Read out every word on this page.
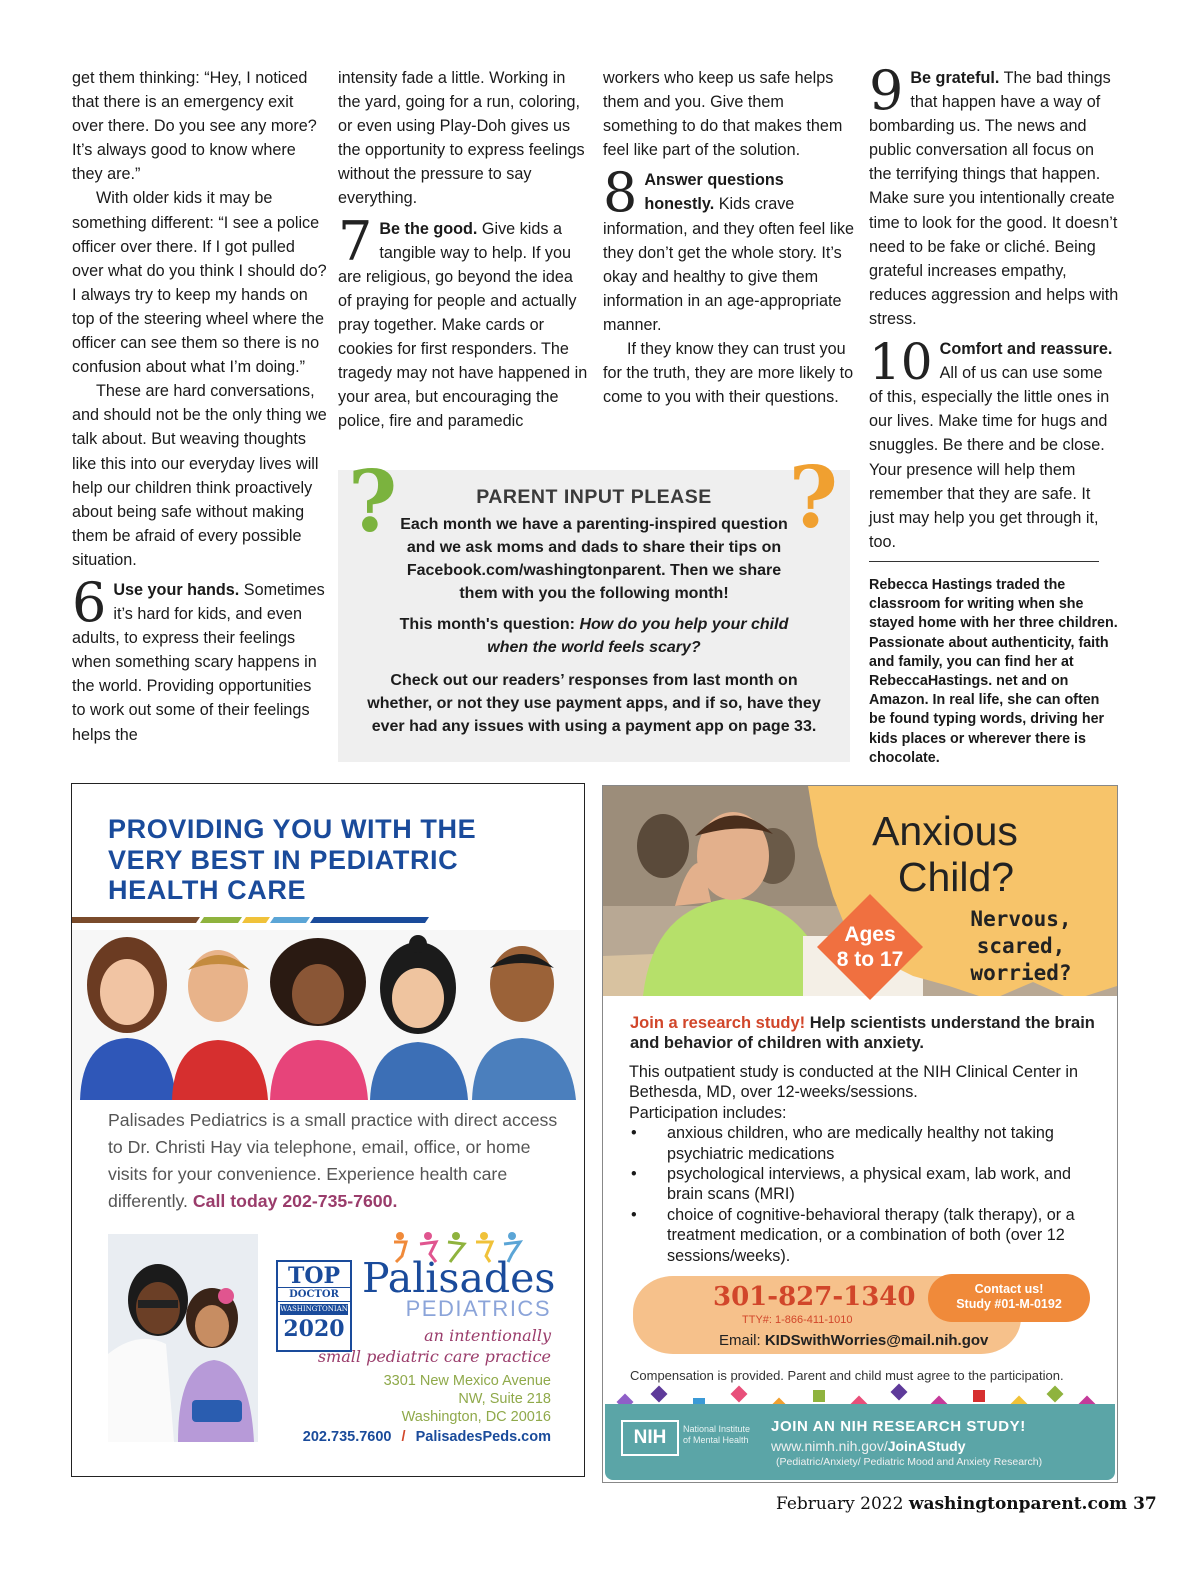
get them thinking: “Hey, I noticed that there is an emergency exit over there. Do you see any more? It’s always good to know where they are.”

With older kids it may be something different: “I see a police officer over there. If I got pulled over what do you think I should do? I always try to keep my hands on top of the steering wheel where the officer can see them so there is no confusion about what I’m doing.”

These are hard conversations, and should not be the only thing we talk about. But weaving thoughts like this into our everyday lives will help our children think proactively about being safe without making them be afraid of every possible situation.

6 Use your hands. Sometimes it’s hard for kids, and even adults, to express their feelings when something scary happens in the world. Providing opportunities to work out some of their feelings helps the

intensity fade a little. Working in the yard, going for a run, coloring, or even using Play-Doh gives us the opportunity to express feelings without the pressure to say everything.

7 Be the good. Give kids a tangible way to help. If you are religious, go beyond the idea of praying for people and actually pray together. Make cards or cookies for first responders. The tragedy may not have happened in your area, but encouraging the police, fire and paramedic

workers who keep us safe helps them and you. Give them something to do that makes them feel like part of the solution.

8 Answer questions honestly. Kids crave information, and they often feel like they don’t get the whole story. It’s okay and healthy to give them information in an age-appropriate manner.

If they know they can trust you for the truth, they are more likely to come to you with their questions.

9 Be grateful. The bad things that happen have a way of bombarding us. The news and public conversation all focus on the terrifying things that happen. Make sure you intentionally create time to look for the good. It doesn’t need to be fake or cliché. Being grateful increases empathy, reduces aggression and helps with stress.

10 Comfort and reassure. All of us can use some of this, especially the little ones in our lives. Make time for hugs and snuggles. Be there and be close. Your presence will help them remember that they are safe. It just may help you get through it, too.

Rebecca Hastings traded the classroom for writing when she stayed home with her three children. Passionate about authenticity, faith and family, you can find her at RebeccaHastings. net and on Amazon. In real life, she can often be found typing words, driving her kids places or wherever there is chocolate.
?	?
PARENT INPUT PLEASE

Each month we have a parenting-inspired question and we ask moms and dads to share their tips on Facebook.com/washingtonparent. Then we share them with you the following month!

This month's question: How do you help your child when the world feels scary?

Check out our readers’ responses from last month on whether, or not they use payment apps, and if so, have they ever had any issues with using a payment app on page 33.

PROVIDING YOU WITH THE VERY BEST IN PEDIATRIC HEALTH CARE
Palisades Pediatrics is a small practice with direct access to Dr. Christi Hay via telephone, email, office, or home visits for your convenience. Experience health care differently. Call today 202-735-7600.
TOP
DOCTOR
WASHINGTONIAN
2020
Palisades
PEDIATRICS
an intentionally
small pediatric care practice
3301 New Mexico Avenue
NW, Suite 218
Washington, DC 20016
202.735.7600 / PalisadesPeds.com
Anxious
Child?
Nervous, scared,
worried?
Ages
8 to 17
Join a research study! Help scientists understand the brain and behavior of children with anxiety.
This outpatient study is conducted at the NIH Clinical Center in Bethesda, MD, over 12-weeks/sessions.
Participation includes:
• anxious children, who are medically healthy not taking psychiatric medications
• psychological interviews, a physical exam, lab work, and brain scans (MRI)
• choice of cognitive-behavioral therapy (talk therapy), or a treatment medication, or a combination of both (over 12 sessions/weeks).
301-827-1340
TTY#: 1-866-411-1010
Email: KIDSwithWorries@mail.nih.gov
Contact us!
Study #01-M-0192
Compensation is provided. Parent and child must agree to the participation.
NIH	National Institute
of Mental Health
JOIN AN NIH RESEARCH STUDY!
www.nimh.nih.gov/JoinAStudy
(Pediatric/Anxiety/ Pediatric Mood and Anxiety Research)
February 2022 washingtonparent.com 37
